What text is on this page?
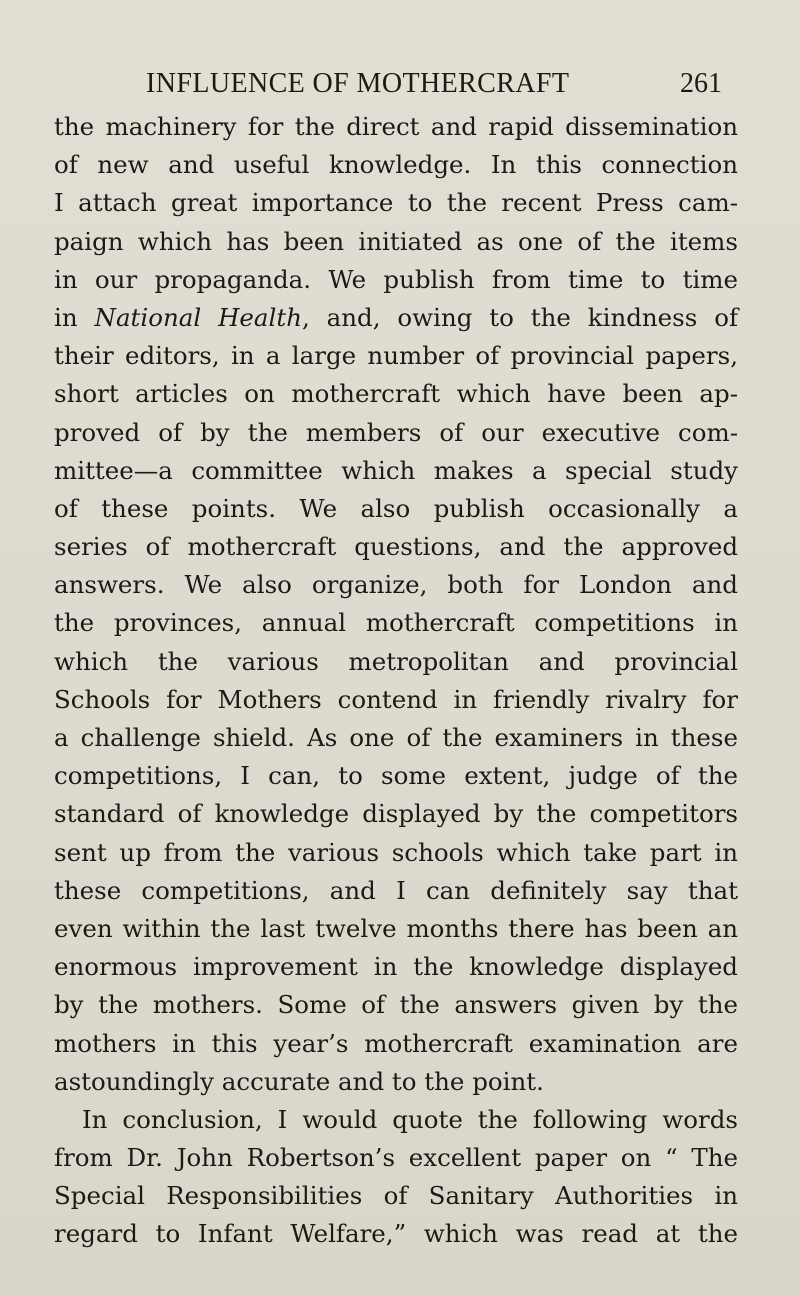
INFLUENCE OF MOTHERCRAFT	261
the machinery for the direct and rapid dissemination
of new and useful knowledge. In this connection
I attach great importance to the recent Press cam-
paign which has been initiated as one of the items
in our propaganda. We publish from time to time
in National Health, and, owing to the kindness of
their editors, in a large number of provincial papers,
short articles on mothercraft which have been ap-
proved of by the members of our executive com-
mittee—a committee which makes a special study
of these points. We also publish occasionally a
series of mothercraft questions, and the approved
answers. We also organize, both for London and
the provinces, annual mothercraft competitions in
which the various metropolitan and provincial
Schools for Mothers contend in friendly rivalry for
a challenge shield. As one of the examiners in these
competitions, I can, to some extent, judge of the
standard of knowledge displayed by the competitors
sent up from the various schools which take part in
these competitions, and I can definitely say that
even within the last twelve months there has been an
enormous improvement in the knowledge displayed
by the mothers. Some of the answers given by the
mothers in this year’s mothercraft examination are
astoundingly accurate and to the point.
In conclusion, I would quote the following words
from Dr. John Robertson’s excellent paper on “ The
Special Responsibilities of Sanitary Authorities in
regard to Infant Welfare,” which was read at the
